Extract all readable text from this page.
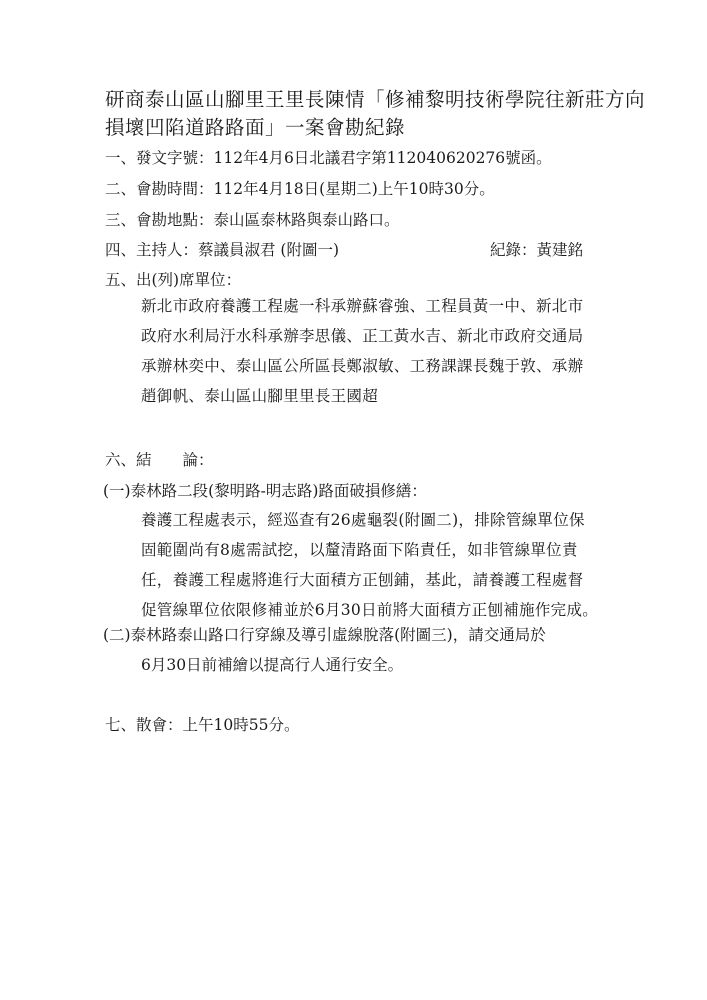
研商泰山區山腳里王里長陳情「修補黎明技術學院往新莊方向損壞凹陷道路路面」一案會勘紀錄
一、發文字號：112年4月6日北議君字第112040620276號函。
二、會勘時間：112年4月18日(星期二)上午10時30分。
三、會勘地點：泰山區泰林路與泰山路口。
四、主持人：蔡議員淑君 (附圖一)	紀錄：黃建銘
五、出(列)席單位：
新北市政府養護工程處一科承辦蘇睿強、工程員黃一中、新北市
政府水利局汙水科承辦李思儀、正工黃水吉、新北市政府交通局
承辦林奕中、泰山區公所區長鄭淑敏、工務課課長魏于敦、承辦
趙御帆、泰山區山腳里里長王國超
六、結　　論：
(一)泰林路二段(黎明路-明志路)路面破損修繕：
養護工程處表示，經巡查有26處龜裂(附圖二)，排除管線單位保
固範圍尚有8處需試挖，以釐清路面下陷責任，如非管線單位責
任，養護工程處將進行大面積方正刨鋪，基此，請養護工程處督
促管線單位依限修補並於6月30日前將大面積方正刨補施作完成。
(二)泰林路泰山路口行穿線及導引虛線脫落(附圖三)，請交通局於
6月30日前補繪以提高行人通行安全。
七、散會：上午10時55分。
